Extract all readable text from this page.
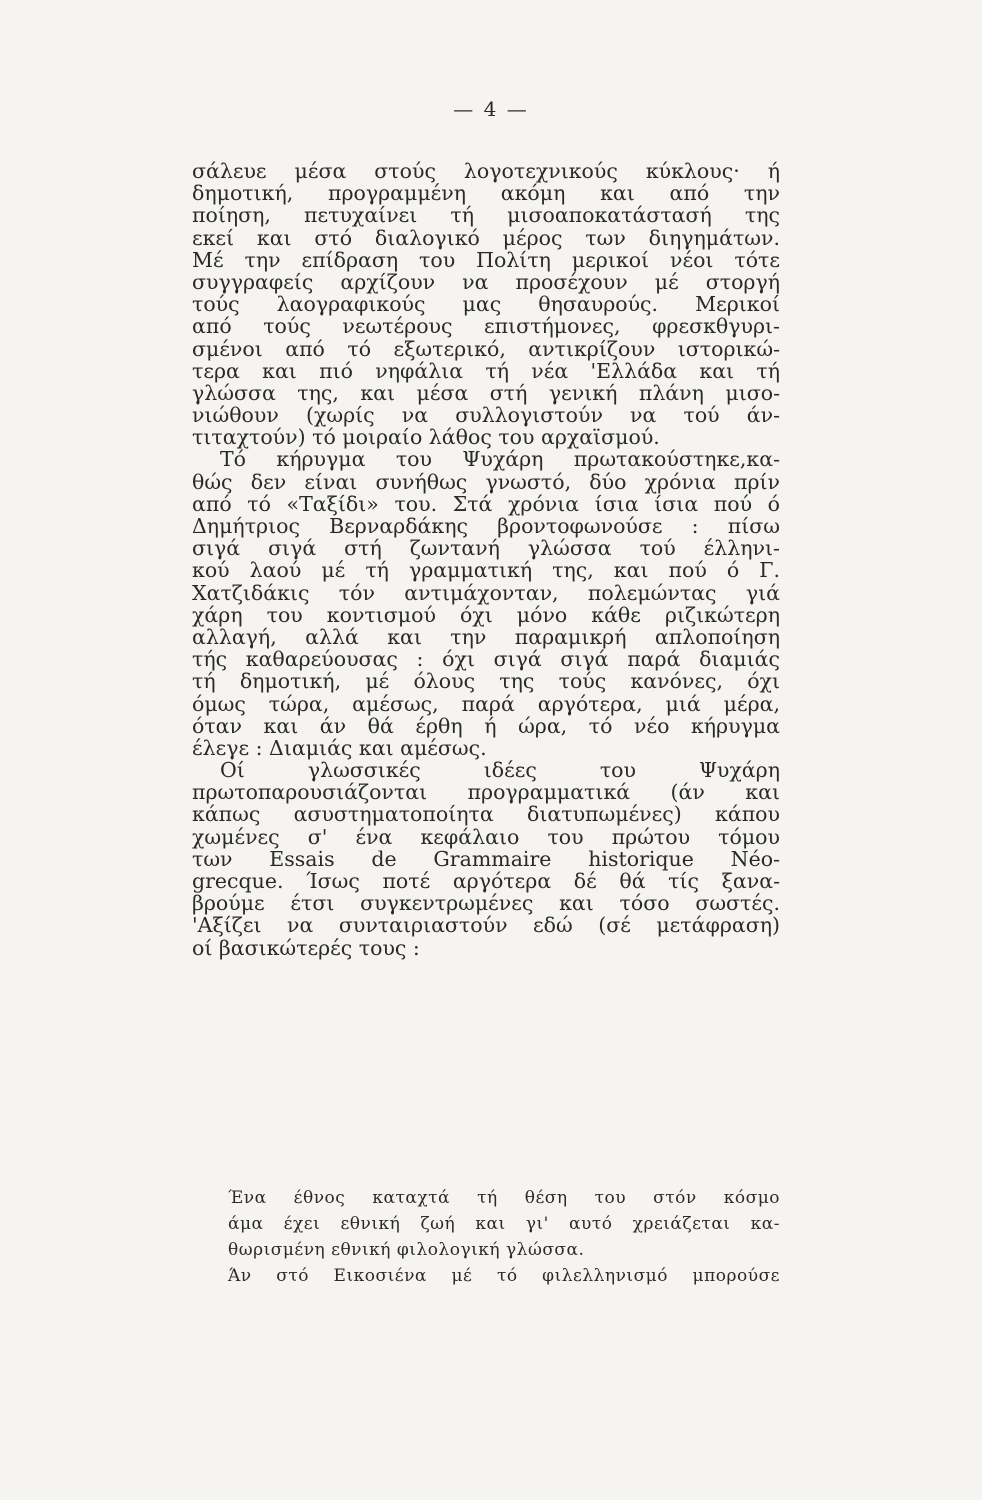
— 4 —
σάλευε μέσα στούς λογοτεχνικούς κύκλους· ή
δημοτική, προγραμμένη ακόμη και από την
ποίηση, πετυχαίνει τή μισοαποκατάστασή της
εκεί και στό διαλογικό μέρος των διηγημάτων.
Μέ την επίδραση του Πολίτη μερικοί νέοι τότε
συγγραφείς αρχίζουν να προσέχουν μέ στοργή
τούς λαογραφικούς μας θησαυρούς. Μερικοί
από τούς νεωτέρους επιστήμονες, φρεσκθγυρι-
σμένοι από τό εξωτερικό, αντικρίζουν ιστορικώ-
τερα και πιό νηφάλια τή νέα 'Ελλάδα και τή
γλώσσα της, και μέσα στή γενική πλάνη μισο-
νιώθουν (χωρίς να συλλογιστούν να τού άν-
τιταχτούν) τό μοιραίο λάθος του αρχαϊσμού.
Τό κήρυγμα του Ψυχάρη πρωτακούστηκε,κα-
θώς δεν είναι συνήθως γνωστό, δύο χρόνια πρίν
από τό «Ταξίδι» του. Στά χρόνια ίσια ίσια πού ό
Δημήτριος Βερναρδάκης βροντοφωνούσε : πίσω
σιγά σιγά στή ζωντανή γλώσσα τού έλληνι-
κού λαού μέ τή γραμματική της, και πού ό Γ.
Χατζιδάκις τόν αντιμάχονταν, πολεμώντας γιά
χάρη του κοντισμού όχι μόνο κάθε ριζικώτερη
αλλαγή, αλλά και την παραμικρή απλοποίηση
τής καθαρεύουσας : όχι σιγά σιγά παρά διαμιάς
τή δημοτική, μέ όλους της τούς κανόνες, όχι
όμως τώρα, αμέσως, παρά αργότερα, μιά μέρα,
όταν και άν θά έρθη ή ώρα, τό νέο κήρυγμα
έλεγε : Διαμιάς και αμέσως.
Οί γλωσσικές ιδέες του Ψυχάρη
πρωτοπαρουσιάζονται προγραμματικά (άν και
κάπως ασυστηματοποίητα διατυπωμένες) κάπου
χωμένες σ' ένα κεφάλαιο του πρώτου τόμου
των Essais de Grammaire historique Néo-
grecque. Ίσως ποτέ αργότερα δέ θά τίς ξανα-
βρούμε έτσι συγκεντρωμένες και τόσο σωστές.
'Αξίζει να συνταιριαστούν εδώ (σέ μετάφραση)
οί βασικώτερές τους :
Ένα έθνος καταχτά τή θέση του στόν κόσμο
άμα έχει εθνική ζωή και γι' αυτό χρειάζεται κα-
θωρισμένη εθνική φιλολογική γλώσσα.
Άν στό Εικοσιένα μέ τό φιλελληνισμό μπορούσε
